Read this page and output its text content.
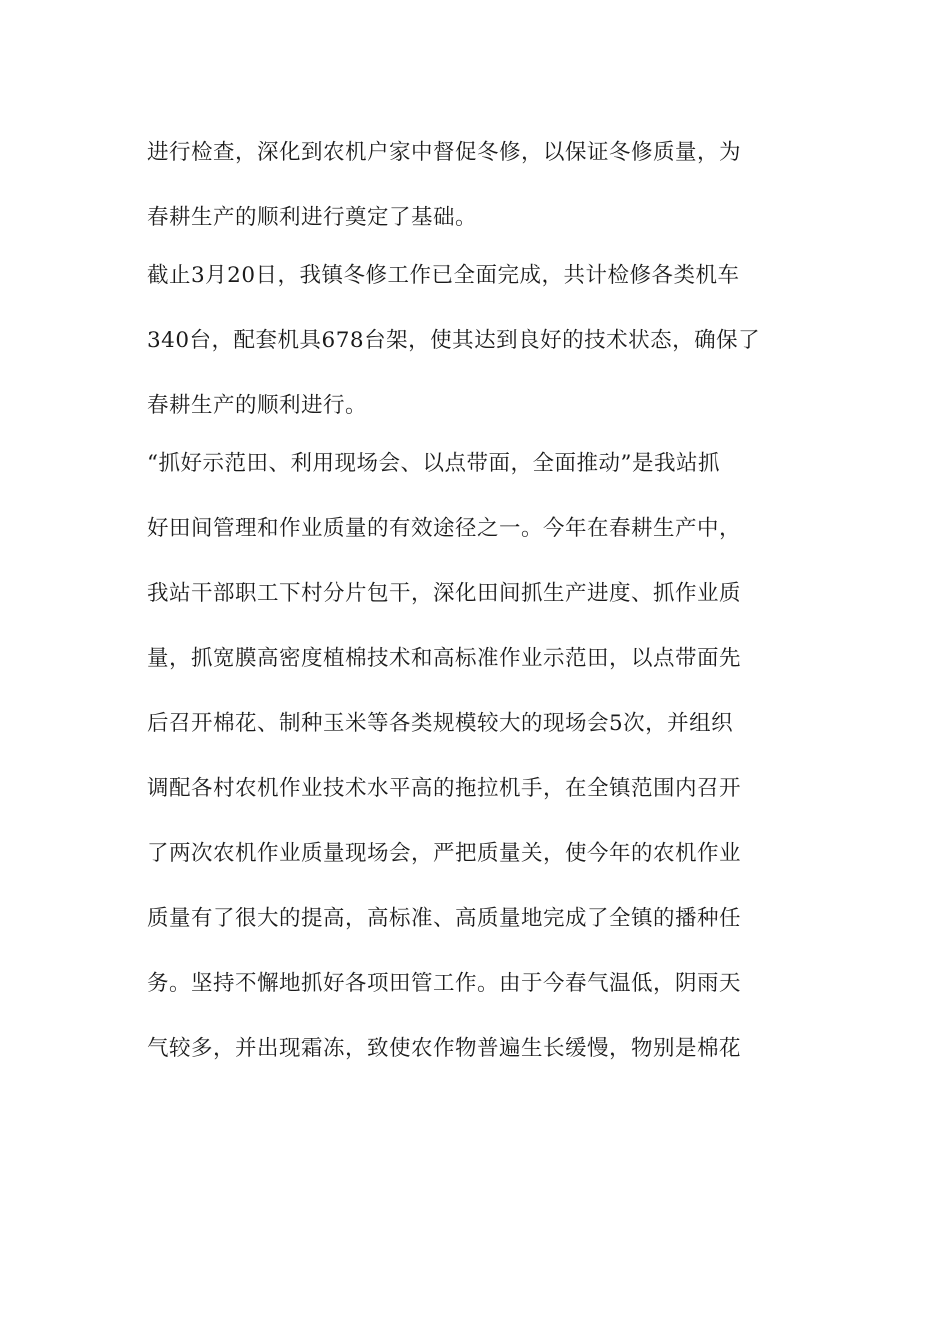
进行检查，深化到农机户家中督促冬修，以保证冬修质量，为
春耕生产的顺利进行奠定了基础。
截止3月20日，我镇冬修工作已全面完成，共计检修各类机车
340台，配套机具678台架，使其达到良好的技术状态，确保了
春耕生产的顺利进行。
“抓好示范田、利用现场会、以点带面，全面推动”是我站抓
好田间管理和作业质量的有效途径之一。今年在春耕生产中，
我站干部职工下村分片包干，深化田间抓生产进度、抓作业质
量，抓宽膜高密度植棉技术和高标准作业示范田，以点带面先
后召开棉花、制种玉米等各类规模较大的现场会5次，并组织
调配各村农机作业技术水平高的拖拉机手，在全镇范围内召开
了两次农机作业质量现场会，严把质量关，使今年的农机作业
质量有了很大的提高，高标准、高质量地完成了全镇的播种任
务。坚持不懈地抓好各项田管工作。由于今春气温低，阴雨天
气较多，并出现霜冻，致使农作物普遍生长缓慢，物别是棉花
